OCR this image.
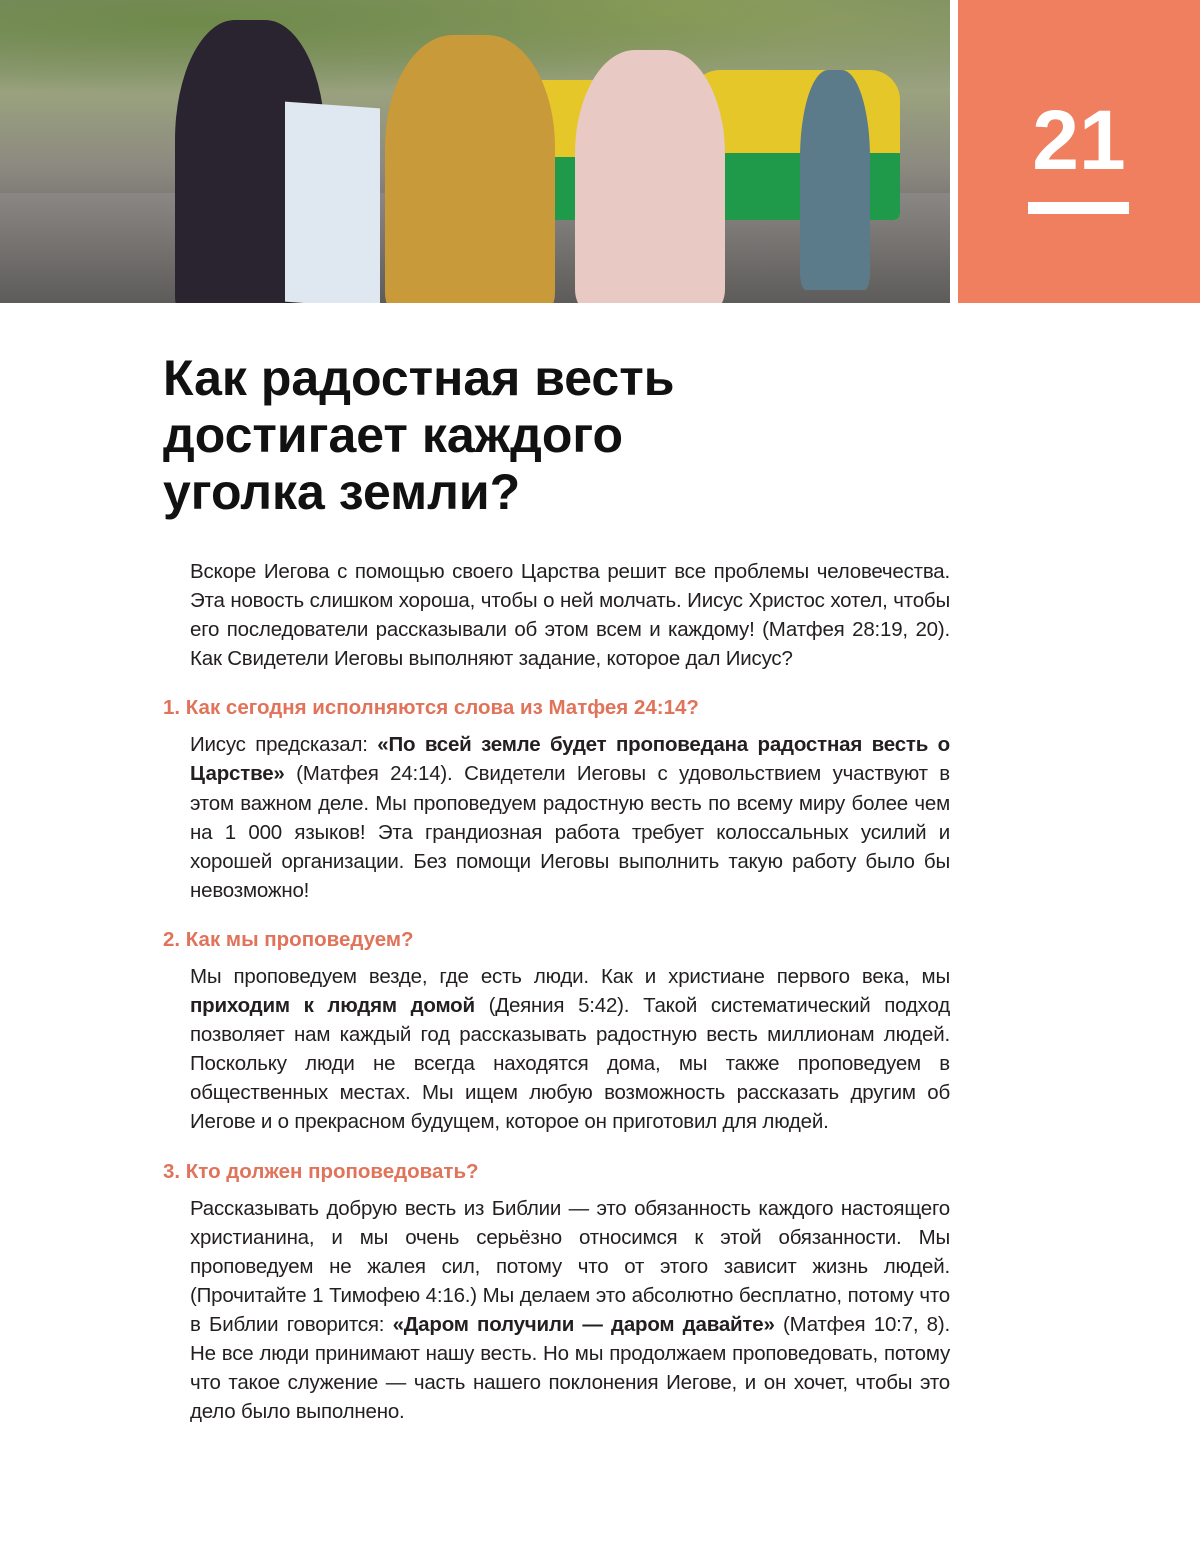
21
Как радостная весть
достигает каждого
уголка земли?

Вскоре Иегова с помощью своего Царства решит все проблемы человечества. Эта новость слишком хороша, чтобы о ней молчать. Иисус Христос хотел, чтобы его последователи рассказывали об этом всем и каждому! (Матфея 28:19, 20). Как Свидетели Иеговы выполняют задание, которое дал Иисус?

1. Как сегодня исполняются слова из Матфея 24:14?

Иисус предсказал: «По всей земле будет проповедана радостная весть о Царстве» (Матфея 24:14). Свидетели Иеговы с удовольствием участвуют в этом важном деле. Мы проповедуем радостную весть по всему миру более чем на 1 000 языков! Эта грандиозная работа требует колоссальных усилий и хорошей организации. Без помощи Иеговы выполнить такую работу было бы невозможно!

2. Как мы проповедуем?

Мы проповедуем везде, где есть люди. Как и христиане первого века, мы приходим к людям домой (Деяния 5:42). Такой систематический подход позволяет нам каждый год рассказывать радостную весть миллионам людей. Поскольку люди не всегда находятся дома, мы также проповедуем в общественных местах. Мы ищем любую возможность рассказать другим об Иегове и о прекрасном будущем, которое он приготовил для людей.

3. Кто должен проповедовать?

Рассказывать добрую весть из Библии — это обязанность каждого настоящего христианина, и мы очень серьёзно относимся к этой обязанности. Мы проповедуем не жалея сил, потому что от этого зависит жизнь людей. (Прочитайте 1 Тимофею 4:16.) Мы делаем это абсолютно бесплатно, потому что в Библии говорится: «Даром получили — даром давайте» (Матфея 10:7, 8). Не все люди принимают нашу весть. Но мы продолжаем проповедовать, потому что такое служение — часть нашего поклонения Иегове, и он хочет, чтобы это дело было выполнено.
